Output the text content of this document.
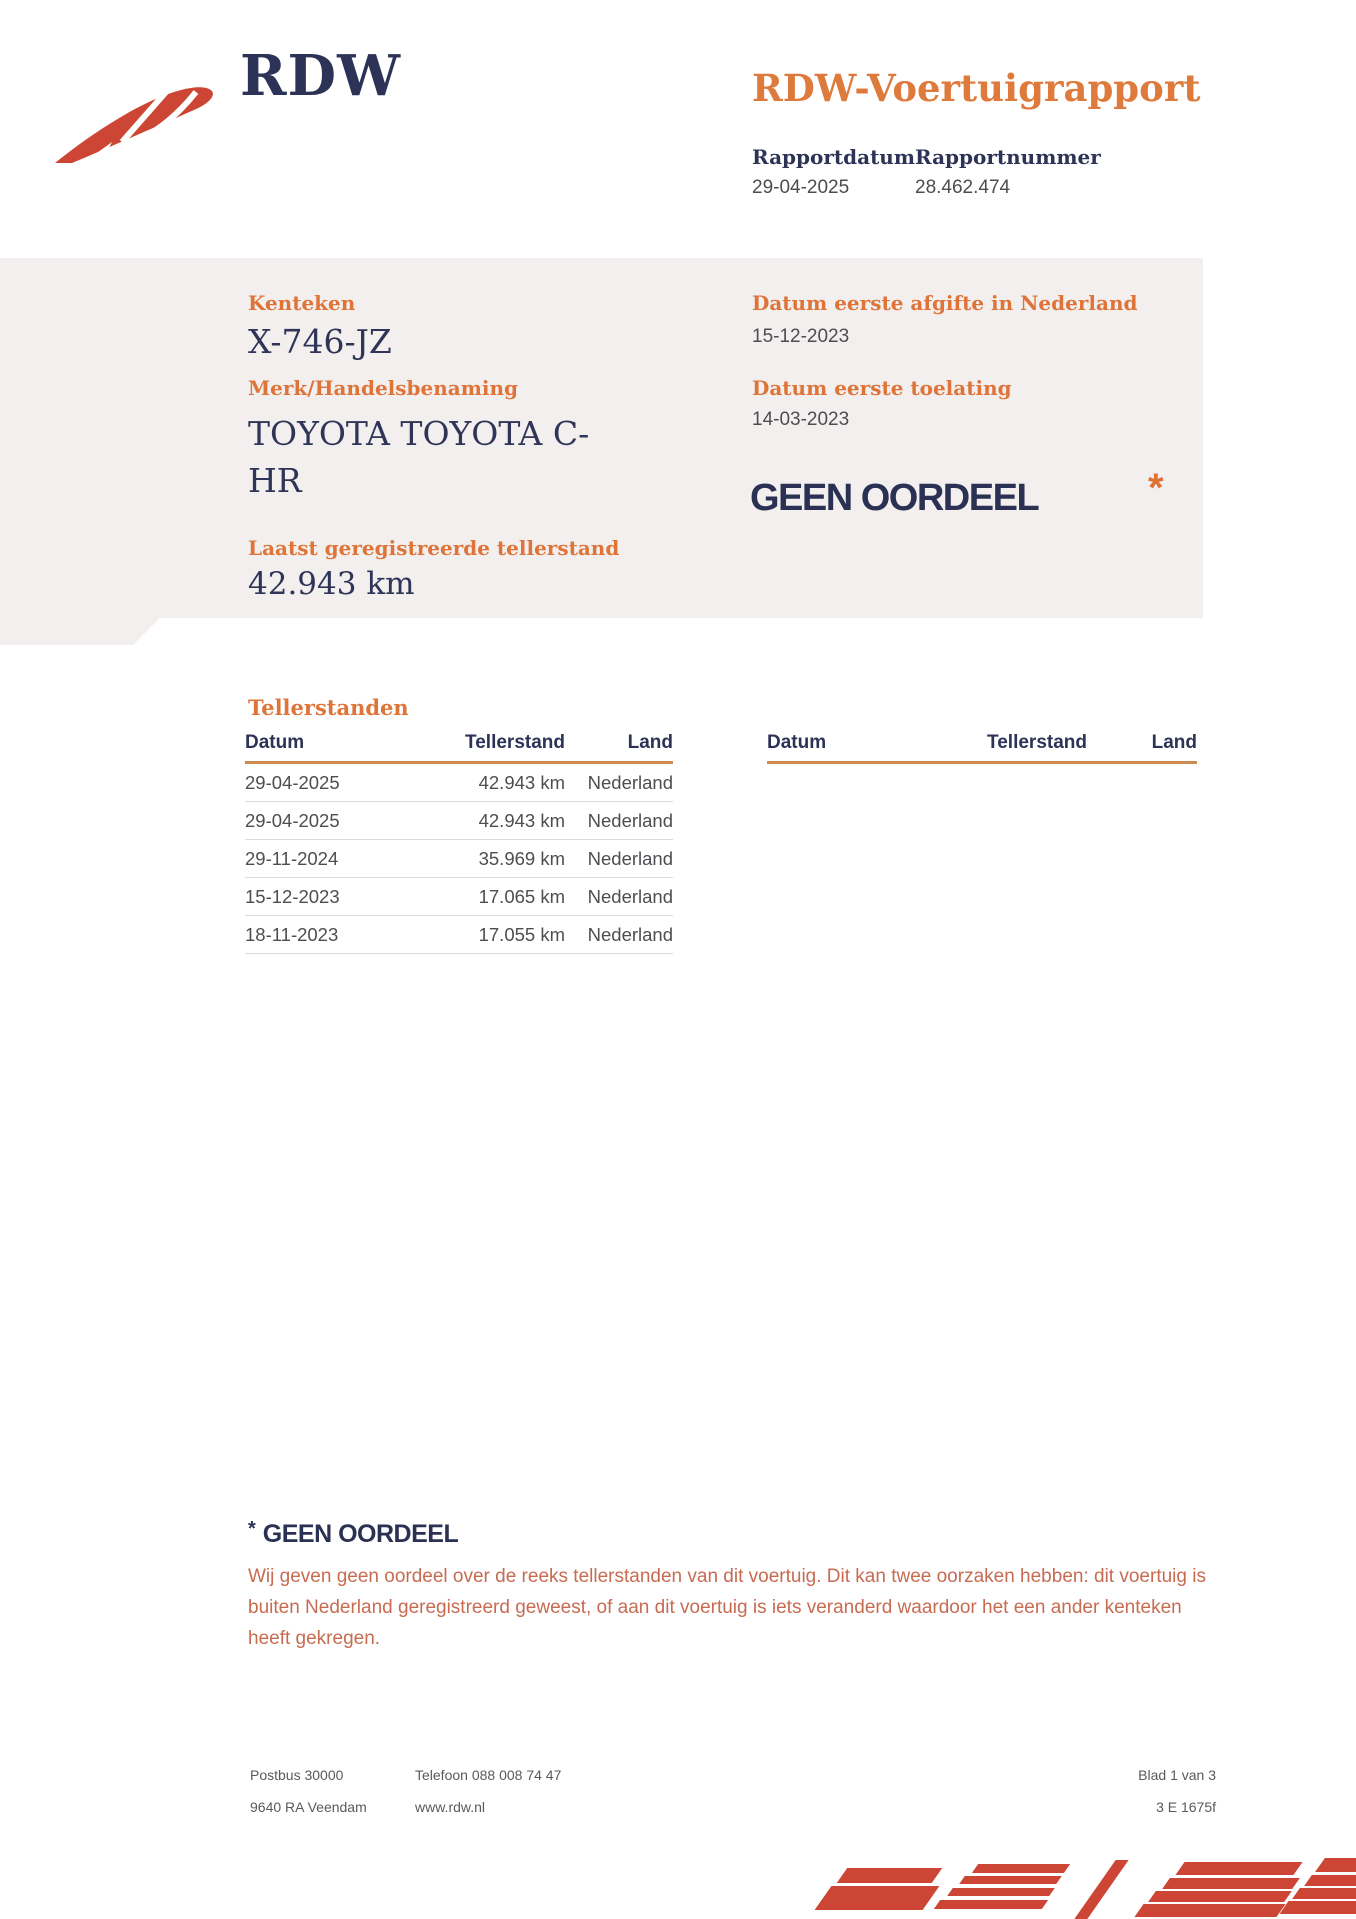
RDW	RDW-Voertuigrapport
Rapportdatum Rapportnummer
29-04-2025	28.462.474
Kenteken
X-746-JZ
Merk/Handelsbenaming
TOYOTA TOYOTA C-HR
Laatst geregistreerde tellerstand
42.943 km
Datum eerste afgifte in Nederland
15-12-2023
Datum eerste toelating
14-03-2023
GEEN OORDEEL	*
Tellerstanden
Datum	Tellerstand	Land
29-04-2025	42.943 km	Nederland
29-04-2025	42.943 km	Nederland
29-11-2024	35.969 km	Nederland
15-12-2023	17.065 km	Nederland
18-11-2023	17.055 km	Nederland
Datum	Tellerstand	Land
* GEEN OORDEEL
Wij geven geen oordeel over de reeks tellerstanden van dit voertuig. Dit kan twee oorzaken hebben: dit voertuig is buiten Nederland geregistreerd geweest, of aan dit voertuig is iets veranderd waardoor het een ander kenteken heeft gekregen.
Postbus 30000
9640 RA Veendam
Telefoon 088 008 74 47
www.rdw.nl
Blad 1 van 3
3 E 1675f
